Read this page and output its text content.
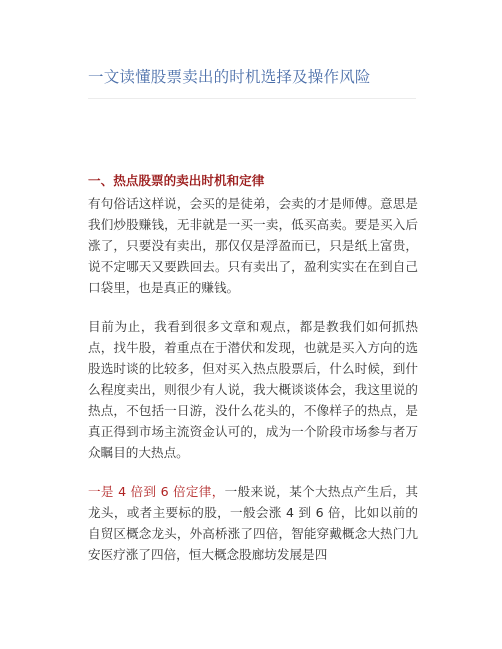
一文读懂股票卖出的时机选择及操作风险
一、热点股票的卖出时机和定律

有句俗话这样说，会买的是徒弟，会卖的才是师傅。意思是我们炒股赚钱，无非就是一买一卖，低买高卖。要是买入后涨了，只要没有卖出，那仅仅是浮盈而已，只是纸上富贵，说不定哪天又要跌回去。只有卖出了，盈利实实在在到自己口袋里，也是真正的赚钱。

目前为止，我看到很多文章和观点，都是教我们如何抓热点，找牛股，着重点在于潜伏和发现，也就是买入方向的选股选时谈的比较多，但对买入热点股票后，什么时候，到什么程度卖出，则很少有人说，我大概谈谈体会，我这里说的热点，不包括一日游，没什么花头的，不像样子的热点，是真正得到市场主流资金认可的，成为一个阶段市场参与者万众瞩目的大热点。

一是 4 倍到 6 倍定律，一般来说，某个大热点产生后，其龙头，或者主要标的股，一般会涨 4 到 6 倍，比如以前的自贸区概念龙头，外高桥涨了四倍，智能穿戴概念大热门九安医疗涨了四倍，恒大概念股廊坊发展是四
